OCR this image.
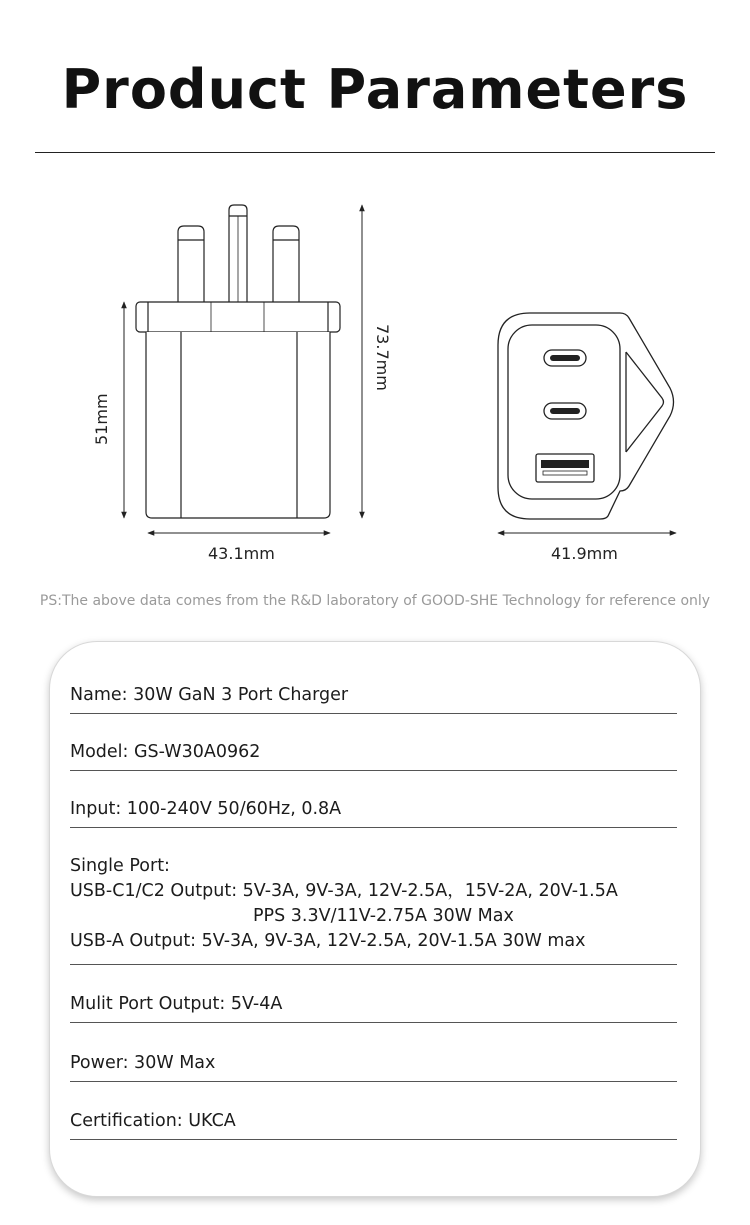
Product Parameters
51mm
73.7mm
43.1mm	41.9mm
PS:The above data comes from the R&D laboratory of GOOD-SHE Technology for reference only
Name: 30W GaN 3 Port Charger
Model: GS-W30A0962
Input: 100-240V 50/60Hz, 0.8A
Single Port:
USB-C1/C2 Output: 5V-3A, 9V-3A, 12V-2.5A，15V-2A, 20V-1.5A
PPS 3.3V/11V-2.75A 30W Max
USB-A Output: 5V-3A, 9V-3A, 12V-2.5A, 20V-1.5A 30W max
Mulit Port Output: 5V-4A
Power: 30W Max
Certification: UKCA
